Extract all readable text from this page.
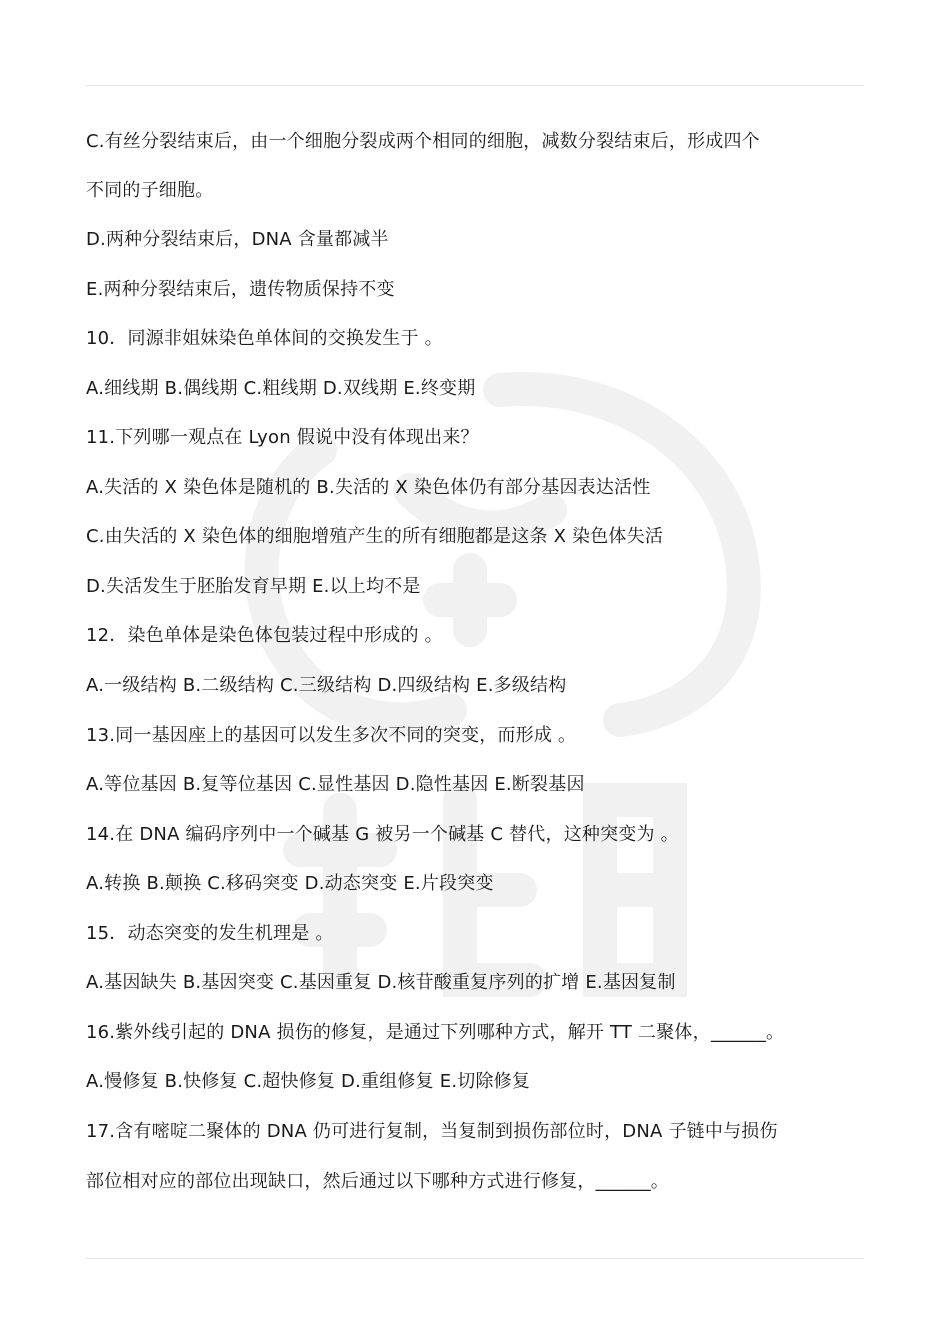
C.有丝分裂结束后，由一个细胞分裂成两个相同的细胞，减数分裂结束后，形成四个
不同的子细胞。
D.两种分裂结束后，DNA 含量都减半
E.两种分裂结束后，遗传物质保持不变
10．同源非姐妹染色单体间的交换发生于 。
A.细线期 B.偶线期 C.粗线期 D.双线期 E.终变期
11.下列哪一观点在 Lyon 假说中没有体现出来？
A.失活的 X 染色体是随机的 B.失活的 X 染色体仍有部分基因表达活性
C.由失活的 X 染色体的细胞增殖产生的所有细胞都是这条 X 染色体失活
D.失活发生于胚胎发育早期 E.以上均不是
12．染色单体是染色体包装过程中形成的 。
A.一级结构 B.二级结构 C.三级结构 D.四级结构 E.多级结构
13.同一基因座上的基因可以发生多次不同的突变，而形成 。
A.等位基因 B.复等位基因 C.显性基因 D.隐性基因 E.断裂基因
14.在 DNA 编码序列中一个碱基 G 被另一个碱基 C 替代，这种突变为 。
A.转换 B.颠换 C.移码突变 D.动态突变 E.片段突变
15．动态突变的发生机理是 。
A.基因缺失 B.基因突变 C.基因重复 D.核苷酸重复序列的扩增 E.基因复制
16.紫外线引起的 DNA 损伤的修复，是通过下列哪种方式，解开 TT 二聚体，______。
A.慢修复 B.快修复 C.超快修复 D.重组修复 E.切除修复
17.含有嘧啶二聚体的 DNA 仍可进行复制，当复制到损伤部位时，DNA 子链中与损伤
部位相对应的部位出现缺口，然后通过以下哪种方式进行修复，______。
